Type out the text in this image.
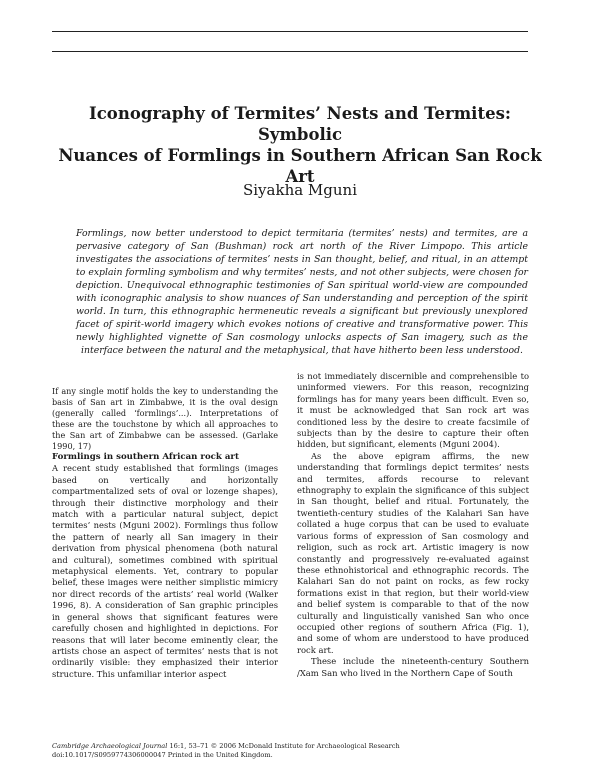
Iconography of Termites’ Nests and Termites: Symbolic
Nuances of Formlings in Southern African San Rock Art
Siyakha Mguni
Formlings, now better understood to depict termitaria (termites’ nests) and termites, are a pervasive category of San (Bushman) rock art north of the River Limpopo. This article investigates the associations of termites’ nests in San thought, belief, and ritual, in an attempt to explain formling symbolism and why termites’ nests, and not other subjects, were chosen for depiction. Unequivocal ethnographic testimonies of San spiritual world-view are compounded with iconographic analysis to show nuances of San understanding and perception of the spirit world. In turn, this ethnographic hermeneutic reveals a significant but previously unexplored facet of spirit-world imagery which evokes notions of creative and transformative power. This newly highlighted vignette of San cosmology unlocks aspects of San imagery, such as the interface between the natural and the metaphysical, that have hitherto been less understood.

If any single motif holds the key to understanding the basis of San art in Zimbabwe, it is the oval design (generally called ‘formlings’...). Interpretations of these are the touchstone by which all approaches to the San art of Zimbabwe can be assessed. (Garlake 1990, 17)

Formlings in southern African rock art

A recent study established that formlings (images based on vertically and horizontally compartmentalized sets of oval or lozenge shapes), through their distinctive morphology and their match with a particular natural subject, depict termites’ nests (Mguni 2002). Formlings thus follow the pattern of nearly all San imagery in their derivation from physical phenomena (both natural and cultural), sometimes combined with spiritual metaphysical elements. Yet, contrary to popular belief, these images were neither simplistic mimicry nor direct records of the artists’ real world (Walker 1996, 8). A consideration of San graphic principles in general shows that significant features were carefully chosen and highlighted in depictions. For reasons that will later become eminently clear, the artists chose an aspect of termites’ nests that is not ordinarily visible: they emphasized their interior structure. This unfamiliar interior aspect

is not immediately discernible and comprehensible to uninformed viewers. For this reason, recognizing formlings has for many years been difficult. Even so, it must be acknowledged that San rock art was conditioned less by the desire to create facsimile of subjects than by the desire to capture their often hidden, but significant, elements (Mguni 2004).

As the above epigram affirms, the new understanding that formlings depict termites’ nests and termites, affords recourse to relevant ethnography to explain the significance of this subject in San thought, belief and ritual. Fortunately, the twentieth-century studies of the Kalahari San have collated a huge corpus that can be used to evaluate various forms of expression of San cosmology and religion, such as rock art. Artistic imagery is now constantly and progressively re-evaluated against these ethnohistorical and ethnographic records. The Kalahari San do not paint on rocks, as few rocky formations exist in that region, but their world-view and belief system is comparable to that of the now culturally and linguistically vanished San who once occupied other regions of southern Africa (Fig. 1), and some of whom are understood to have produced rock art.

These include the nineteenth-century Southern /Xam San who lived in the Northern Cape of South

Cambridge Archaeological Journal 16:1, 53–71 © 2006 McDonald Institute for Archaeological Research
doi:10.1017/S0959774306000047 Printed in the United Kingdom.
